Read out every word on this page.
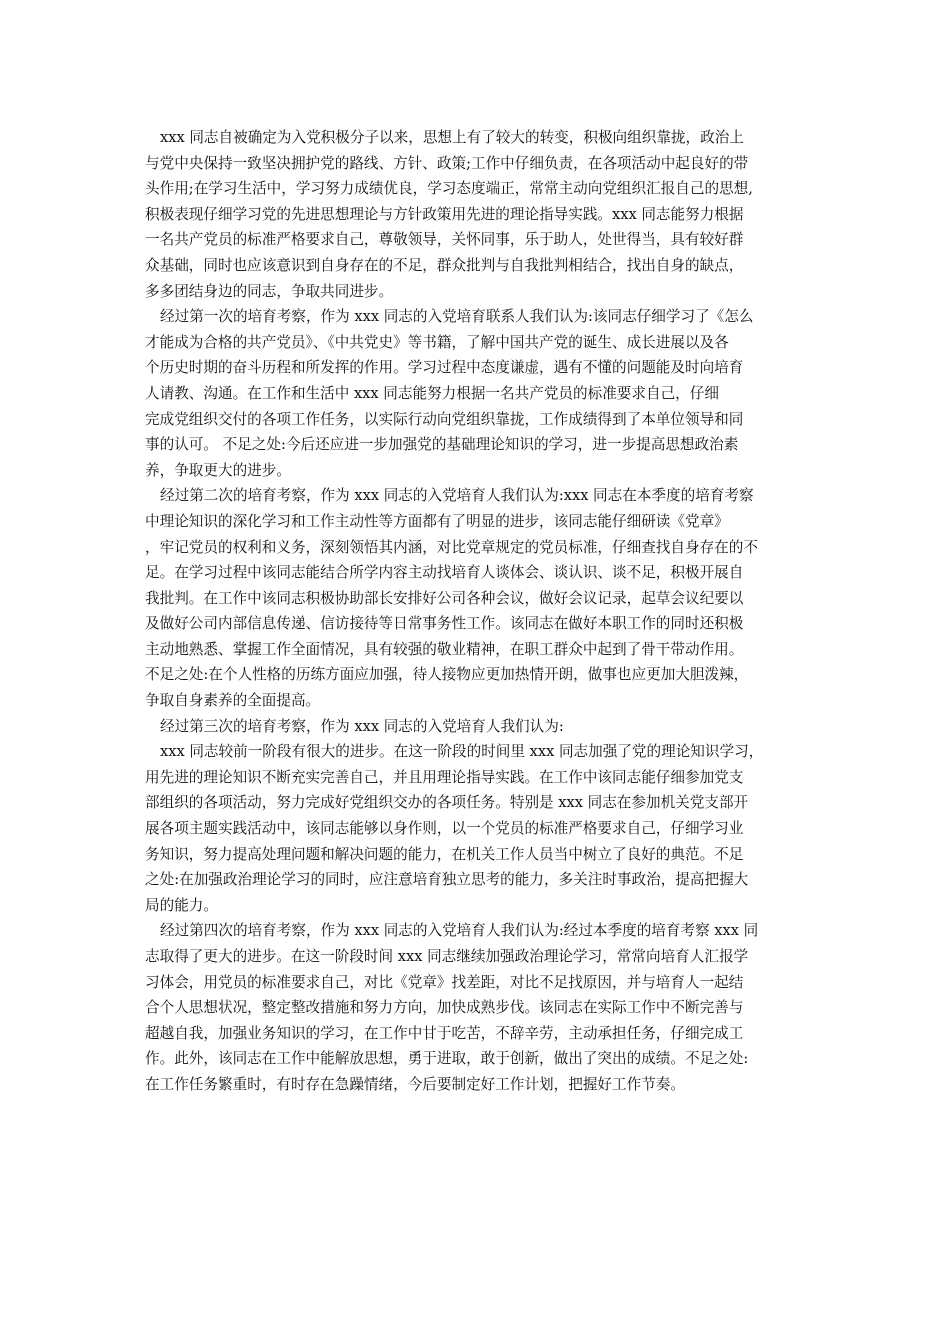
xxx 同志自被确定为入党积极分子以来，思想上有了较大的转变，积极向组织靠拢，政治上
与党中央保持一致坚决拥护党的路线、方针、政策;工作中仔细负责，在各项活动中起良好的带
头作用;在学习生活中，学习努力成绩优良，学习态度端正，常常主动向党组织汇报自己的思想,
积极表现仔细学习党的先进思想理论与方针政策用先进的理论指导实践。xxx 同志能努力根据
一名共产党员的标准严格要求自己，尊敬领导，关怀同事，乐于助人，处世得当，具有较好群
众基础，同时也应该意识到自身存在的不足，群众批判与自我批判相结合，找出自身的缺点，
多多团结身边的同志，争取共同进步。
经过第一次的培育考察，作为 xxx 同志的入党培育联系人我们认为:该同志仔细学习了《怎么
才能成为合格的共产党员》、《中共党史》等书籍，了解中国共产党的诞生、成长进展以及各
个历史时期的奋斗历程和所发挥的作用。学习过程中态度谦虚，遇有不懂的问题能及时向培育
人请教、沟通。在工作和生活中 xxx 同志能努力根据一名共产党员的标准要求自己，仔细
完成党组织交付的各项工作任务，以实际行动向党组织靠拢，工作成绩得到了本单位领导和同
事的认可。 不足之处:今后还应进一步加强党的基础理论知识的学习，进一步提高思想政治素
养，争取更大的进步。
经过第二次的培育考察，作为 xxx 同志的入党培育人我们认为:xxx 同志在本季度的培育考察
中理论知识的深化学习和工作主动性等方面都有了明显的进步，该同志能仔细研读《党章》
，牢记党员的权利和义务，深刻领悟其内涵，对比党章规定的党员标准，仔细查找自身存在的不
足。在学习过程中该同志能结合所学内容主动找培育人谈体会、谈认识、谈不足，积极开展自
我批判。在工作中该同志积极协助部长安排好公司各种会议，做好会议记录，起草会议纪要以
及做好公司内部信息传递、信访接待等日常事务性工作。该同志在做好本职工作的同时还积极
主动地熟悉、掌握工作全面情况，具有较强的敬业精神，在职工群众中起到了骨干带动作用。
不足之处:在个人性格的历练方面应加强，待人接物应更加热情开朗，做事也应更加大胆泼辣，
争取自身素养的全面提高。
经过第三次的培育考察，作为 xxx 同志的入党培育人我们认为:
xxx 同志较前一阶段有很大的进步。在这一阶段的时间里 xxx 同志加强了党的理论知识学习，
用先进的理论知识不断充实完善自己，并且用理论指导实践。在工作中该同志能仔细参加党支
部组织的各项活动，努力完成好党组织交办的各项任务。特别是 xxx 同志在参加机关党支部开
展各项主题实践活动中，该同志能够以身作则，以一个党员的标准严格要求自己，仔细学习业
务知识，努力提高处理问题和解决问题的能力，在机关工作人员当中树立了良好的典范。不足
之处:在加强政治理论学习的同时，应注意培育独立思考的能力，多关注时事政治，提高把握大
局的能力。
经过第四次的培育考察，作为 xxx 同志的入党培育人我们认为:经过本季度的培育考察 xxx 同
志取得了更大的进步。在这一阶段时间 xxx 同志继续加强政治理论学习，常常向培育人汇报学
习体会，用党员的标准要求自己，对比《党章》找差距，对比不足找原因，并与培育人一起结
合个人思想状况，整定整改措施和努力方向，加快成熟步伐。该同志在实际工作中不断完善与
超越自我，加强业务知识的学习，在工作中甘于吃苦，不辞辛劳，主动承担任务，仔细完成工
作。此外，该同志在工作中能解放思想，勇于进取，敢于创新，做出了突出的成绩。不足之处:
在工作任务繁重时，有时存在急躁情绪，今后要制定好工作计划，把握好工作节奏。
